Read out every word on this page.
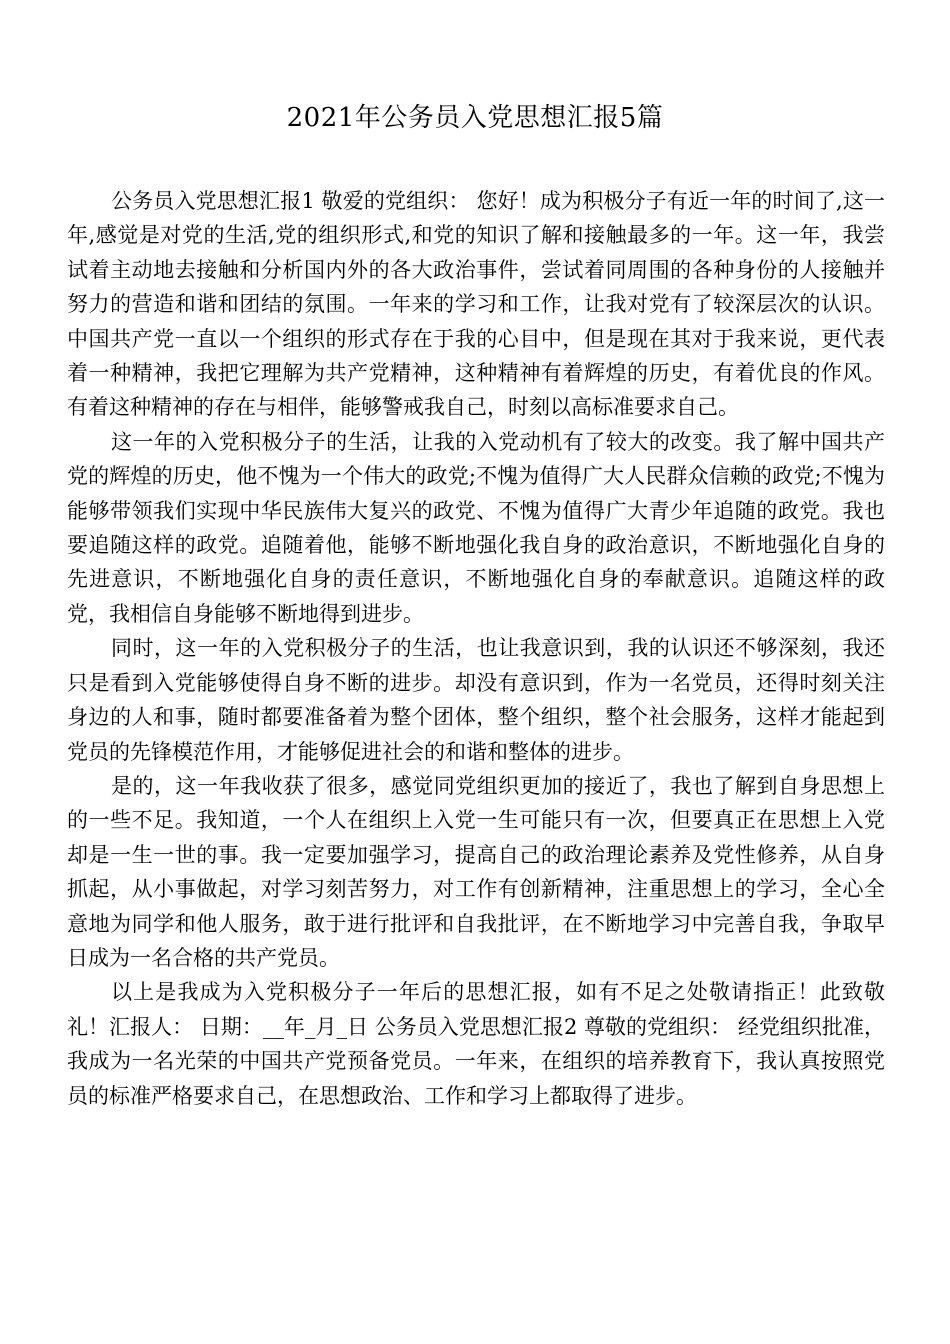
2021年公务员入党思想汇报5篇

公务员入党思想汇报1 敬爱的党组织： 您好！成为积极分子有近一年的时间了,这一年,感觉是对党的生活,党的组织形式,和党的知识了解和接触最多的一年。这一年，我尝试着主动地去接触和分析国内外的各大政治事件，尝试着同周围的各种身份的人接触并努力的营造和谐和团结的氛围。一年来的学习和工作，让我对党有了较深层次的认识。中国共产党一直以一个组织的形式存在于我的心目中，但是现在其对于我来说，更代表着一种精神，我把它理解为共产党精神，这种精神有着辉煌的历史，有着优良的作风。有着这种精神的存在与相伴，能够警戒我自己，时刻以高标准要求自己。

这一年的入党积极分子的生活，让我的入党动机有了较大的改变。我了解中国共产党的辉煌的历史，他不愧为一个伟大的政党;不愧为值得广大人民群众信赖的政党;不愧为能够带领我们实现中华民族伟大复兴的政党、不愧为值得广大青少年追随的政党。我也要追随这样的政党。追随着他，能够不断地强化我自身的政治意识，不断地强化自身的先进意识，不断地强化自身的责任意识，不断地强化自身的奉献意识。追随这样的政党，我相信自身能够不断地得到进步。

同时，这一年的入党积极分子的生活，也让我意识到，我的认识还不够深刻，我还只是看到入党能够使得自身不断的进步。却没有意识到，作为一名党员，还得时刻关注身边的人和事，随时都要准备着为整个团体，整个组织，整个社会服务，这样才能起到党员的先锋模范作用，才能够促进社会的和谐和整体的进步。

是的，这一年我收获了很多，感觉同党组织更加的接近了，我也了解到自身思想上的一些不足。我知道，一个人在组织上入党一生可能只有一次，但要真正在思想上入党却是一生一世的事。我一定要加强学习，提高自己的政治理论素养及党性修养，从自身抓起，从小事做起，对学习刻苦努力，对工作有创新精神，注重思想上的学习，全心全意地为同学和他人服务，敢于进行批评和自我批评，在不断地学习中完善自我，争取早日成为一名合格的共产党员。

以上是我成为入党积极分子一年后的思想汇报，如有不足之处敬请指正！此致敬礼！汇报人： 日期：__年_月_日 公务员入党思想汇报2 尊敬的党组织： 经党组织批准，我成为一名光荣的中国共产党预备党员。一年来，在组织的培养教育下，我认真按照党员的标准严格要求自己，在思想政治、工作和学习上都取得了进步。
